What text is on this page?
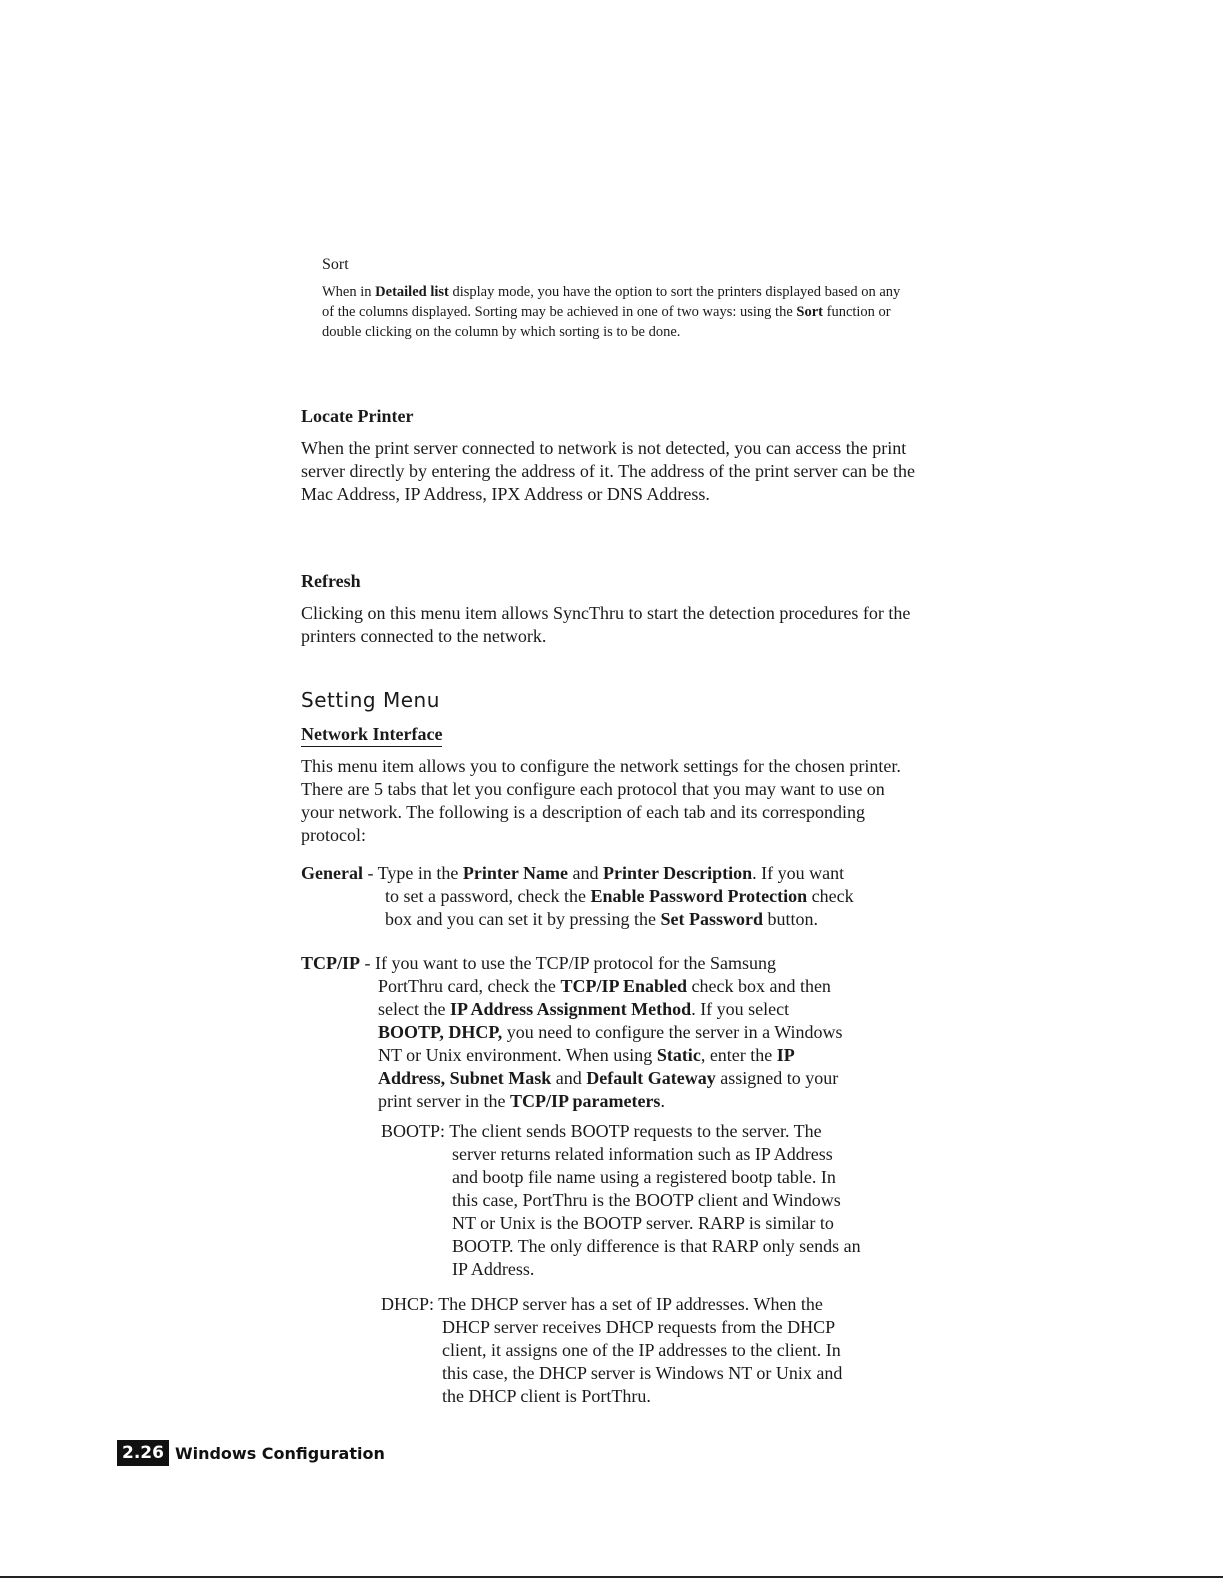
Sort

When in Detailed list display mode, you have the option to sort the printers displayed based on any of the columns displayed. Sorting may be achieved in one of two ways: using the Sort function or double clicking on the column by which sorting is to be done.

Locate Printer

When the print server connected to network is not detected, you can access the print server directly by entering the address of it. The address of the print server can be the Mac Address, IP Address, IPX Address or DNS Address.

Refresh

Clicking on this menu item allows SyncThru to start the detection procedures for the printers connected to the network.

Setting Menu

Network Interface

This menu item allows you to configure the network settings for the chosen printer. There are 5 tabs that let you configure each protocol that you may want to use on your network. The following is a description of each tab and its corresponding protocol:

General - Type in the Printer Name and Printer Description. If you want

to set a password, check the Enable Password Protection check

box and you can set it by pressing the Set Password button.

TCP/IP - If you want to use the TCP/IP protocol for the Samsung

PortThru card, check the TCP/IP Enabled check box and then

select the IP Address Assignment Method. If you select

BOOTP, DHCP, you need to configure the server in a Windows

NT or Unix environment. When using Static, enter the IP

Address, Subnet Mask and Default Gateway assigned to your

print server in the TCP/IP parameters.

BOOTP: The client sends BOOTP requests to the server. The

server returns related information such as IP Address

and bootp file name using a registered bootp table. In

this case, PortThru is the BOOTP client and Windows

NT or Unix is the BOOTP server. RARP is similar to

BOOTP. The only difference is that RARP only sends an

IP Address.

DHCP: The DHCP server has a set of IP addresses. When the

DHCP server receives DHCP requests from the DHCP

client, it assigns one of the IP addresses to the client. In

this case, the DHCP server is Windows NT or Unix and

the DHCP client is PortThru.

2.26 Windows Configuration
